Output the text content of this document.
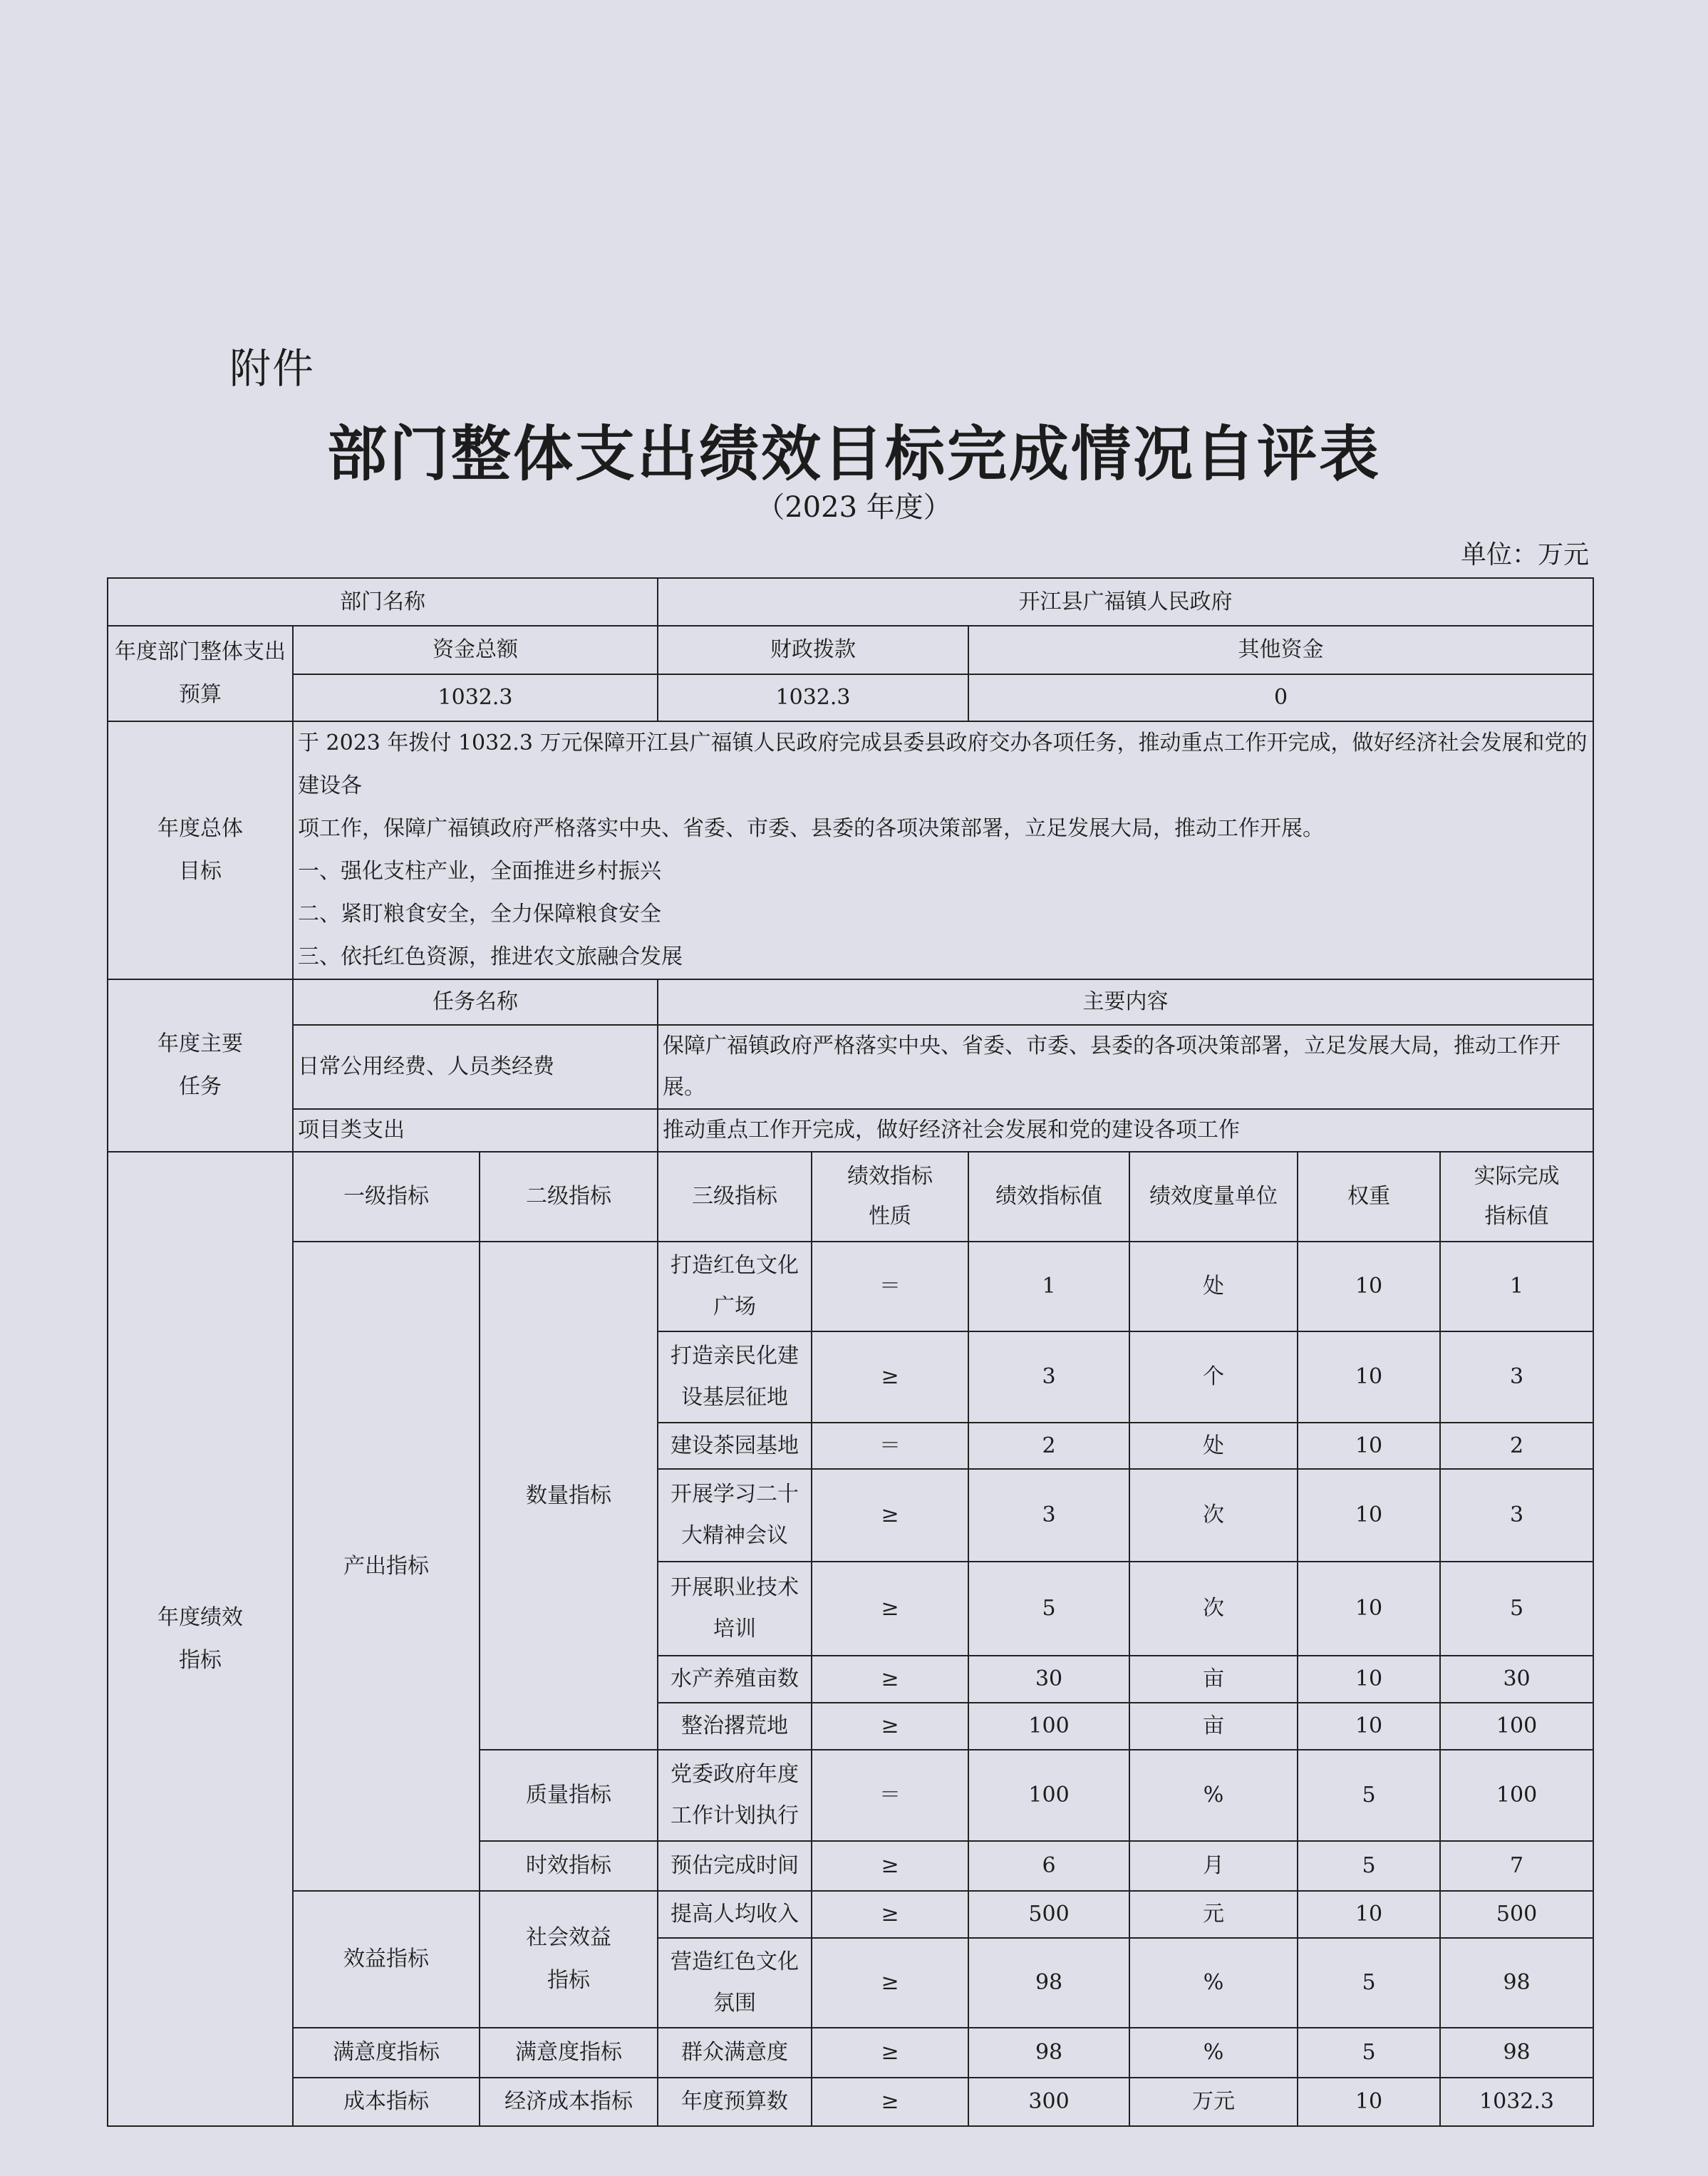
附件
部门整体支出绩效目标完成情况自评表
（2023 年度）
单位：万元
部门名称			开江县广福镇人民政府					
年度部门整体支出预算	资金总额		财政拨款		其他资金			
	1032.3		1032.3		0			
年度总体目标	于 2023 年拨付 1032.3 万元保障开江县广福镇人民政府完成县委县政府交办各项任务，推动重点工作开完成，做好经济社会发展和党的建设各
项工作，保障广福镇政府严格落实中央、省委、市委、县委的各项决策部署，立足发展大局，推动工作开展。
一、强化支柱产业，全面推进乡村振兴
二、紧盯粮食安全，全力保障粮食安全
三、依托红色资源，推进农文旅融合发展							

年度主要任务	任务名称		主要内容					
	日常公用经费、人员类经费		保障广福镇政府严格落实中央、省委、市委、县委的各项决策部署，立足发展大局，推动工作开展。					
	项目类支出		推动重点工作开完成，做好经济社会发展和党的建设各项工作					
年度绩效指标	一级指标	二级指标	三级指标	绩效指标性质	绩效指标值	绩效度量单位	权重	实际完成指标值
	产出指标	数量指标	打造红色文化广场	＝	1	处	10	1
			打造亲民化建设基层征地	≥	3	个	10	3
			建设茶园基地	＝	2	处	10	2
			开展学习二十大精神会议	≥	3	次	10	3
			开展职业技术培训	≥	5	次	10	5
			水产养殖亩数	≥	30	亩	10	30
			整治撂荒地	≥	100	亩	10	100
		质量指标	党委政府年度工作计划执行	＝	100	%	5	100
		时效指标	预估完成时间	≥	6	月	5	7
	效益指标	社会效益指标	提高人均收入	≥	500	元	10	500
			营造红色文化氛围	≥	98	%	5	98
	满意度指标	满意度指标	群众满意度	≥	98	%	5	98
	成本指标	经济成本指标	年度预算数	≥	300	万元	10	1032.3
